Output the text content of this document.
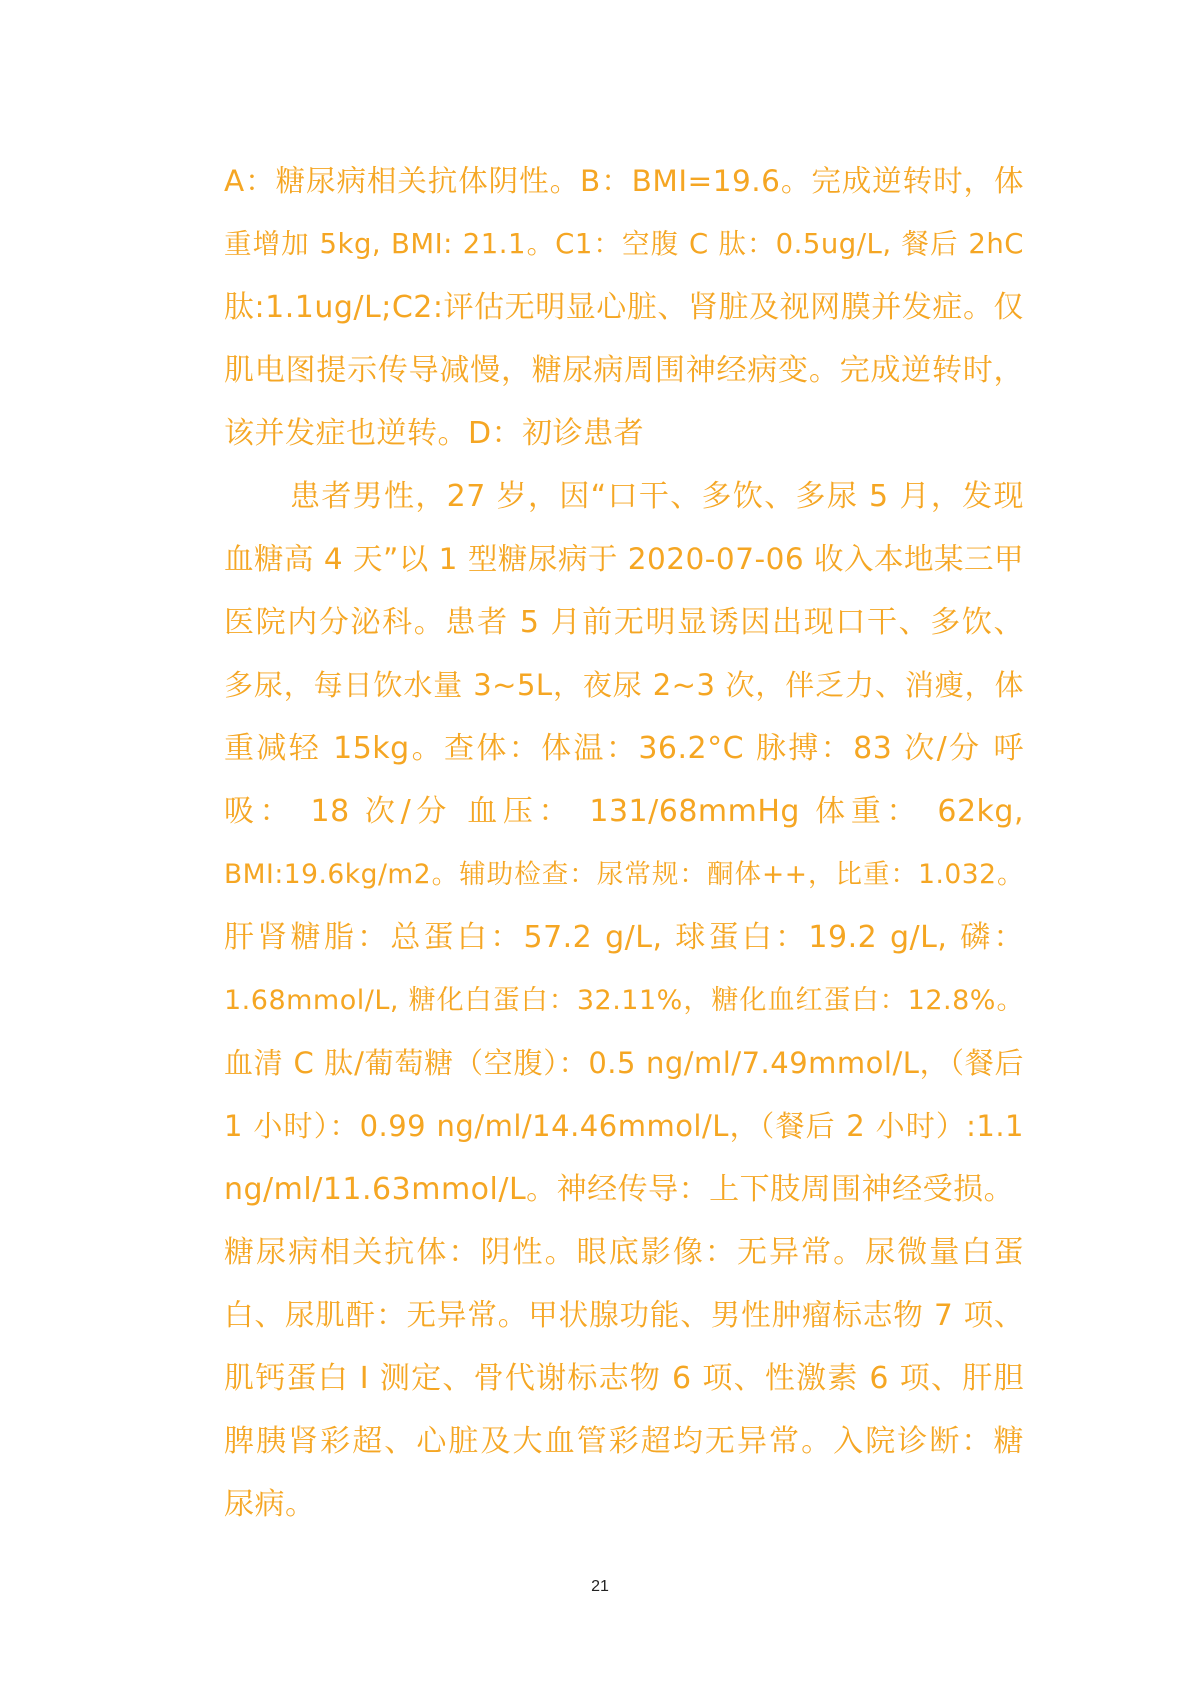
A：糖尿病相关抗体阴性。B：BMI=19.6。完成逆转时，体
重增加 5kg, BMI: 21.1。C1：空腹 C 肽：0.5ug/L, 餐后 2hC
肽:1.1ug/L;C2:评估无明显心脏、肾脏及视网膜并发症。仅
肌电图提示传导减慢，糖尿病周围神经病变。完成逆转时，
该并发症也逆转。D：初诊患者
患者男性，27 岁，因“口干、多饮、多尿 5 月，发现
血糖高 4 天”以 1 型糖尿病于 2020-07-06 收入本地某三甲
医院内分泌科。患者 5 月前无明显诱因出现口干、多饮、
多尿，每日饮水量 3~5L，夜尿 2~3 次，伴乏力、消瘦，体
重减轻 15kg。查体：体温：36.2°C 脉搏：83 次/分 呼
吸： 18 次/分 血压： 131/68mmHg 体重： 62kg,
BMI:19.6kg/m2。辅助检查：尿常规：酮体++，比重：1.032。
肝肾糖脂：总蛋白：57.2 g/L, 球蛋白：19.2 g/L, 磷：
1.68mmol/L, 糖化白蛋白：32.11%，糖化血红蛋白：12.8%。
血清 C 肽/葡萄糖（空腹）：0.5 ng/ml/7.49mmol/L，（餐后
1 小时）：0.99 ng/ml/14.46mmol/L，（餐后 2 小时）:1.1
ng/ml/11.63mmol/L。神经传导：上下肢周围神经受损。
糖尿病相关抗体：阴性。眼底影像：无异常。尿微量白蛋
白、尿肌酐：无异常。甲状腺功能、男性肿瘤标志物 7 项、
肌钙蛋白 I 测定、骨代谢标志物 6 项、性激素 6 项、肝胆
脾胰肾彩超、心脏及大血管彩超均无异常。入院诊断：糖
尿病。
21
